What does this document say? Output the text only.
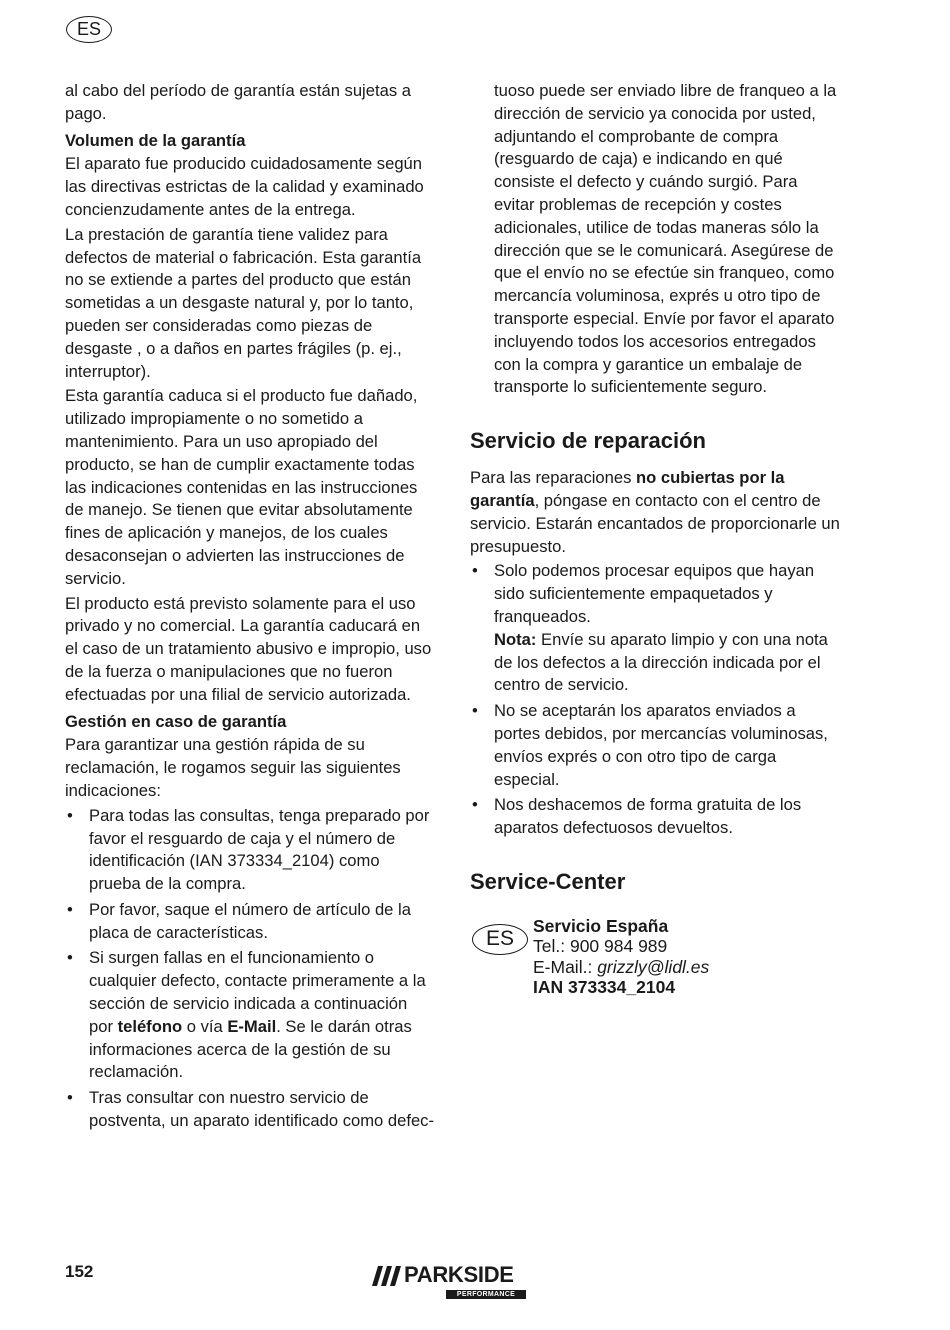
ES

al cabo del período de garantía están sujetas a pago.

Volumen de la garantía

El aparato fue producido cuidadosamente según las directivas estrictas de la calidad y examinado concienzudamente antes de la entrega.

La prestación de garantía tiene validez para defectos de material o fabricación. Esta garantía no se extiende a partes del producto que están sometidas a un desgaste natural y, por lo tanto, pueden ser consideradas como piezas de desgaste , o a daños en partes frágiles (p. ej., interruptor).

Esta garantía caduca si el producto fue dañado, utilizado impropiamente o no sometido a mantenimiento. Para un uso apropiado del producto, se han de cumplir exactamente todas las indicaciones contenidas en las instrucciones de manejo. Se tienen que evitar absolutamente fines de aplicación y manejos, de los cuales desaconsejan o advierten las instrucciones de servicio.

El producto está previsto solamente para el uso privado y no comercial. La garantía caducará en el caso de un tratamiento abusivo e impropio, uso de la fuerza o manipulaciones que no fueron efectuadas por una filial de servicio autorizada.

Gestión en caso de garantía

Para garantizar una gestión rápida de su reclamación, le rogamos seguir las siguientes indicaciones:

• Para todas las consultas, tenga preparado por favor el resguardo de caja y el número de identificación (IAN 373334_2104) como prueba de la compra.
• Por favor, saque el número de artículo de la placa de características.
• Si surgen fallas en el funcionamiento o cualquier defecto, contacte primeramente a la sección de servicio indicada a continuación por teléfono o vía E-Mail. Se le darán otras informaciones acerca de la gestión de su reclamación.
• Tras consultar con nuestro servicio de postventa, un aparato identificado como defec-

tuoso puede ser enviado libre de franqueo a la dirección de servicio ya conocida por usted, adjuntando el comprobante de compra (resguardo de caja) e indicando en qué consiste el defecto y cuándo surgió. Para evitar problemas de recepción y costes adicionales, utilice de todas maneras sólo la dirección que se le comunicará. Asegúrese de que el envío no se efectúe sin franqueo, como mercancía voluminosa, exprés u otro tipo de transporte especial. Envíe por favor el aparato incluyendo todos los accesorios entregados con la compra y garantice un embalaje de transporte lo suficientemente seguro.

Servicio de reparación

Para las reparaciones no cubiertas por la garantía, póngase en contacto con el centro de servicio. Estarán encantados de proporcionarle un presupuesto.

• Solo podemos procesar equipos que hayan sido suficientemente empaquetados y franqueados.
Nota: Envíe su aparato limpio y con una nota de los defectos a la dirección indicada por el centro de servicio.
• No se aceptarán los aparatos enviados a portes debidos, por mercancías voluminosas, envíos exprés o con otro tipo de carga especial.
• Nos deshacemos de forma gratuita de los aparatos defectuosos devueltos.
Service-Center
ES
Servicio España
Tel.: 900 984 989
E-Mail.: grizzly@lidl.es
IAN 373334_2104
152	PARKSIDE
PERFORMANCE
